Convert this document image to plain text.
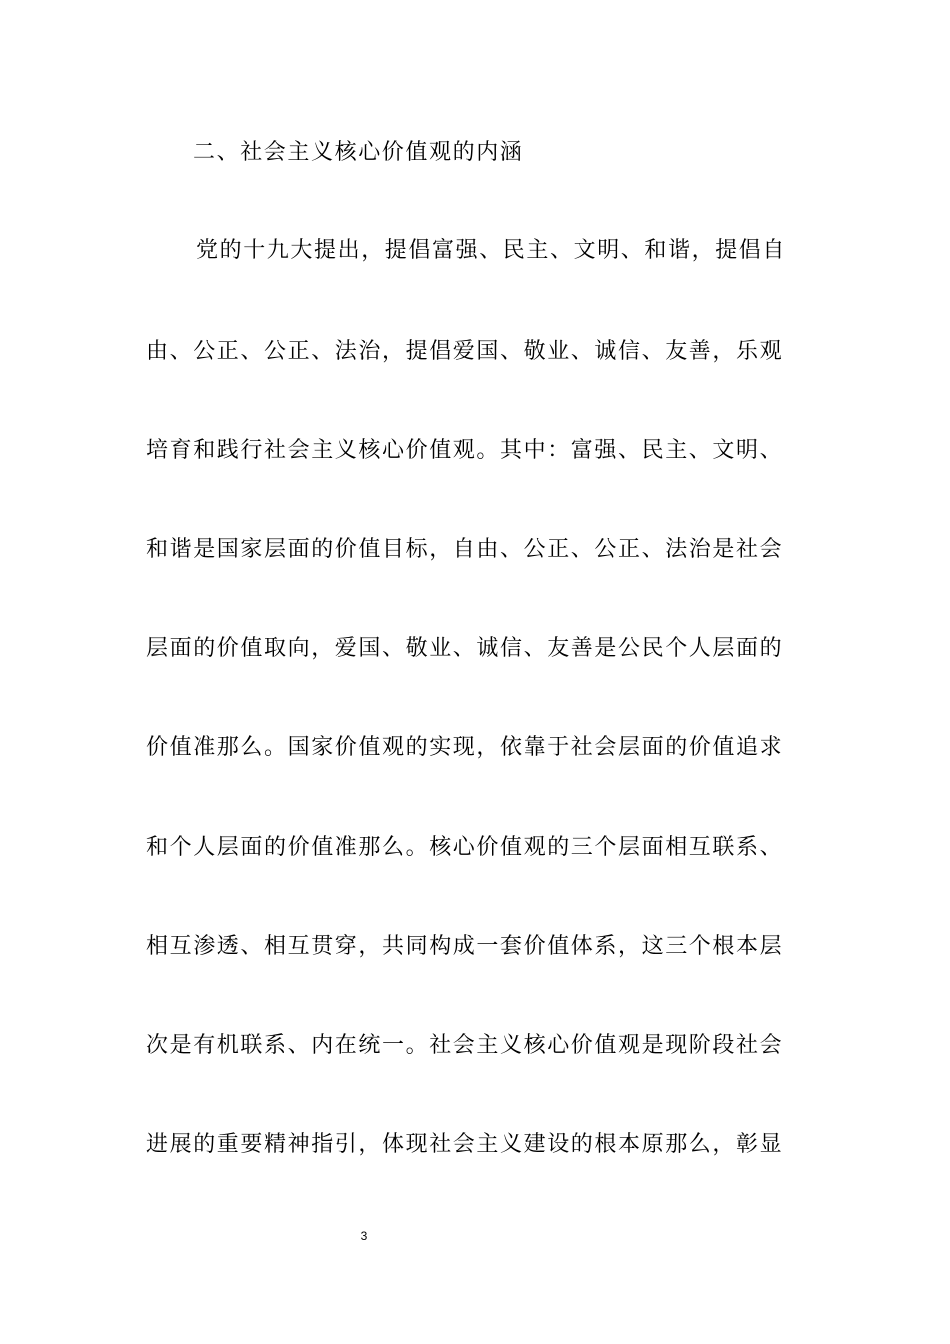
二、社会主义核心价值观的内涵
党的十九大提出，提倡富强、民主、文明、和谐，提倡自
由、公正、公正、法治，提倡爱国、敬业、诚信、友善，乐观
培育和践行社会主义核心价值观。其中：富强、民主、文明、
和谐是国家层面的价值目标，自由、公正、公正、法治是社会
层面的价值取向，爱国、敬业、诚信、友善是公民个人层面的
价值准那么。国家价值观的实现，依靠于社会层面的价值追求
和个人层面的价值准那么。核心价值观的三个层面相互联系、
相互渗透、相互贯穿，共同构成一套价值体系，这三个根本层
次是有机联系、内在统一。社会主义核心价值观是现阶段社会
进展的重要精神指引，体现社会主义建设的根本原那么，彰显
3
